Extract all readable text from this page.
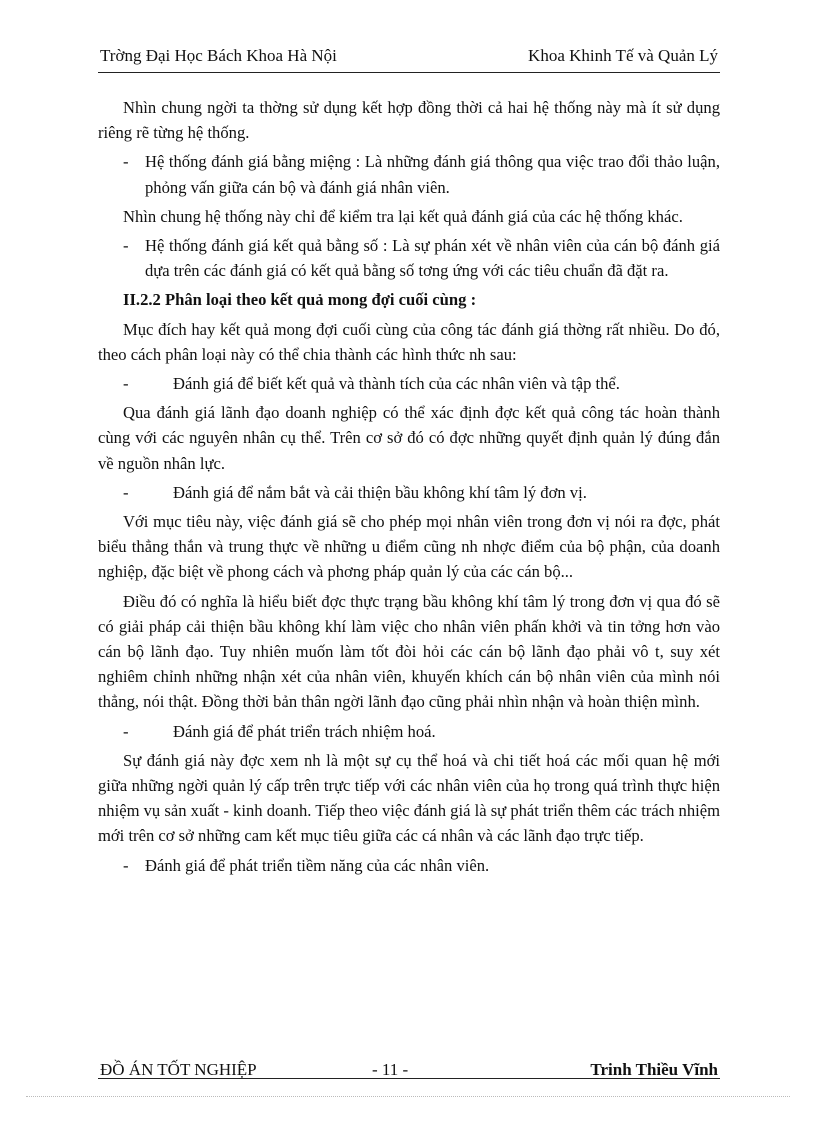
Trờng Đại Học Bách Khoa Hà Nội	Khoa Khinh Tế và Quản Lý

Nhìn chung ngời ta thờng sử dụng kết hợp đồng thời cả hai hệ thống này mà ít sử dụng riêng rẽ từng hệ thống.

- Hệ thống đánh giá bằng miệng : Là những đánh giá thông qua việc trao đổi thảo luận, phỏng vấn giữa cán bộ và đánh giá nhân viên.

Nhìn chung hệ thống này chỉ để kiểm tra lại kết quả đánh giá của các hệ thống khác.

- Hệ thống đánh giá kết quả bằng số : Là sự phán xét về nhân viên của cán bộ đánh giá dựa trên các đánh giá có kết quả bằng số tơng ứng với các tiêu chuẩn đã đặt ra.

II.2.2 Phân loại theo kết quả mong đợi cuối cùng :

Mục đích hay kết quả mong đợi cuối cùng của công tác đánh giá thờng rất nhiều. Do đó, theo cách phân loại này có thể chia thành các hình thức nh sau:

-	Đánh giá để biết kết quả và thành tích của các nhân viên và tập thể.

Qua đánh giá lãnh đạo doanh nghiệp có thể xác định đợc kết quả công tác hoàn thành cùng với các nguyên nhân cụ thể. Trên cơ sở đó có đợc những quyết định quản lý đúng đắn về nguồn nhân lực.

-	Đánh giá để nắm bắt và cải thiện bầu không khí tâm lý đơn vị.

Với mục tiêu này, việc đánh giá sẽ cho phép mọi nhân viên trong đơn vị nói ra đợc, phát biểu thẳng thắn và trung thực về những u điểm cũng nh nhợc điểm của bộ phận, của doanh nghiệp, đặc biệt về phong cách và phơng pháp quản lý của các cán bộ...

Điều đó có nghĩa là hiểu biết đợc thực trạng bầu không khí tâm lý trong đơn vị qua đó sẽ có giải pháp cải thiện bầu không khí làm việc cho nhân viên phấn khởi và tin tởng hơn vào cán bộ lãnh đạo. Tuy nhiên muốn làm tốt đòi hỏi các cán bộ lãnh đạo phải vô t, suy xét nghiêm chỉnh những nhận xét của nhân viên, khuyến khích cán bộ nhân viên của mình nói thẳng, nói thật. Đồng thời bản thân ngời lãnh đạo cũng phải nhìn nhận và hoàn thiện mình.

-	Đánh giá để phát triển trách nhiệm hoá.

Sự đánh giá này đợc xem nh là một sự cụ thể hoá và chi tiết hoá các mối quan hệ mới giữa những ngời quản lý cấp trên trực tiếp với các nhân viên của họ trong quá trình thực hiện nhiệm vụ sản xuất - kinh doanh. Tiếp theo việc đánh giá là sự phát triển thêm các trách nhiệm mới trên cơ sở những cam kết mục tiêu giữa các cá nhân và các lãnh đạo trực tiếp.

- Đánh giá để phát triển tiềm năng của các nhân viên.

ĐỒ ÁN TỐT NGHIỆP	- 11 -	Trinh Thiều Vĩnh
